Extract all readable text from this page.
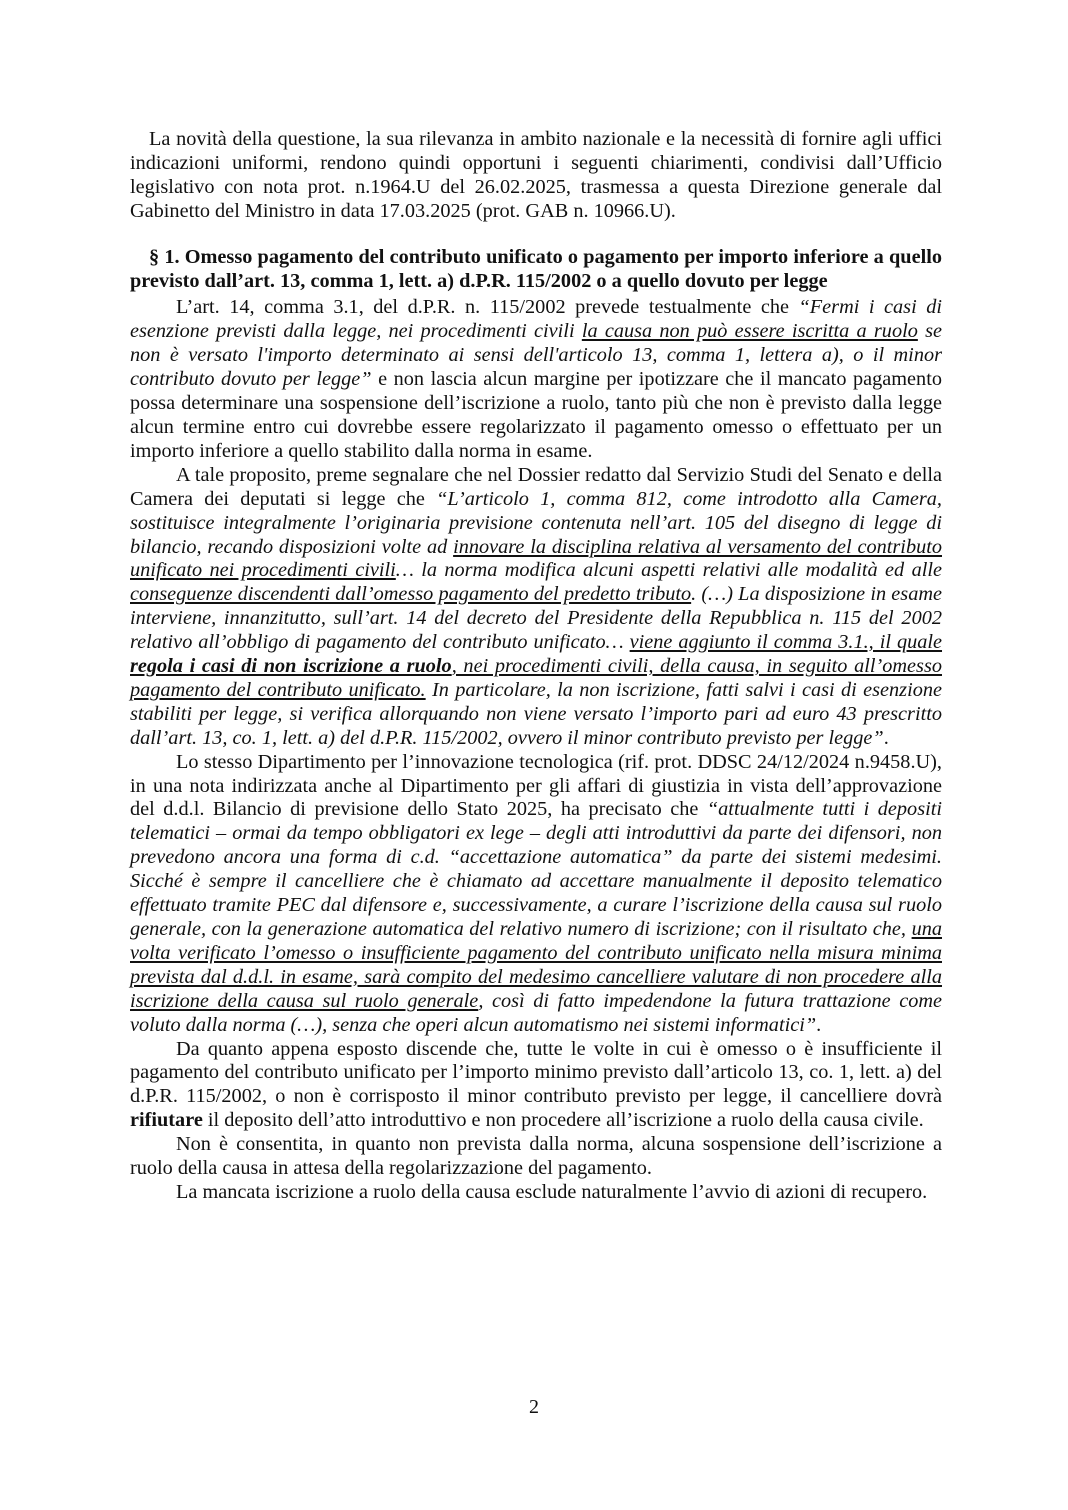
La novità della questione, la sua rilevanza in ambito nazionale e la necessità di fornire agli uffici indicazioni uniformi, rendono quindi opportuni i seguenti chiarimenti, condivisi dall’Ufficio legislativo con nota prot. n.1964.U del 26.02.2025, trasmessa a questa Direzione generale dal Gabinetto del Ministro in data 17.03.2025 (prot. GAB n. 10966.U).

§ 1. Omesso pagamento del contributo unificato o pagamento per importo inferiore a quello previsto dall’art. 13, comma 1, lett. a) d.P.R. 115/2002 o a quello dovuto per legge

L’art. 14, comma 3.1, del d.P.R. n. 115/2002 prevede testualmente che “Fermi i casi di esenzione previsti dalla legge, nei procedimenti civili la causa non può essere iscritta a ruolo se non è versato l'importo determinato ai sensi dell'articolo 13, comma 1, lettera a), o il minor contributo dovuto per legge” e non lascia alcun margine per ipotizzare che il mancato pagamento possa determinare una sospensione dell’iscrizione a ruolo, tanto più che non è previsto dalla legge alcun termine entro cui dovrebbe essere regolarizzato il pagamento omesso o effettuato per un importo inferiore a quello stabilito dalla norma in esame.

A tale proposito, preme segnalare che nel Dossier redatto dal Servizio Studi del Senato e della Camera dei deputati si legge che “L’articolo 1, comma 812, come introdotto alla Camera, sostituisce integralmente l’originaria previsione contenuta nell’art. 105 del disegno di legge di bilancio, recando disposizioni volte ad innovare la disciplina relativa al versamento del contributo unificato nei procedimenti civili… la norma modifica alcuni aspetti relativi alle modalità ed alle conseguenze discendenti dall’omesso pagamento del predetto tributo. (…) La disposizione in esame interviene, innanzitutto, sull’art. 14 del decreto del Presidente della Repubblica n. 115 del 2002 relativo all’obbligo di pagamento del contributo unificato… viene aggiunto il comma 3.1., il quale regola i casi di non iscrizione a ruolo, nei procedimenti civili, della causa, in seguito all’omesso pagamento del contributo unificato. In particolare, la non iscrizione, fatti salvi i casi di esenzione stabiliti per legge, si verifica allorquando non viene versato l’importo pari ad euro 43 prescritto dall’art. 13, co. 1, lett. a) del d.P.R. 115/2002, ovvero il minor contributo previsto per legge”.

Lo stesso Dipartimento per l’innovazione tecnologica (rif. prot. DDSC 24/12/2024 n.9458.U), in una nota indirizzata anche al Dipartimento per gli affari di giustizia in vista dell’approvazione del d.d.l. Bilancio di previsione dello Stato 2025, ha precisato che “attualmente tutti i depositi telematici – ormai da tempo obbligatori ex lege – degli atti introduttivi da parte dei difensori, non prevedono ancora una forma di c.d. “accettazione automatica” da parte dei sistemi medesimi. Sicché è sempre il cancelliere che è chiamato ad accettare manualmente il deposito telematico effettuato tramite PEC dal difensore e, successivamente, a curare l’iscrizione della causa sul ruolo generale, con la generazione automatica del relativo numero di iscrizione; con il risultato che, una volta verificato l’omesso o insufficiente pagamento del contributo unificato nella misura minima prevista dal d.d.l. in esame, sarà compito del medesimo cancelliere valutare di non procedere alla iscrizione della causa sul ruolo generale, così di fatto impedendone la futura trattazione come voluto dalla norma (…), senza che operi alcun automatismo nei sistemi informatici”.

Da quanto appena esposto discende che, tutte le volte in cui è omesso o è insufficiente il pagamento del contributo unificato per l’importo minimo previsto dall’articolo 13, co. 1, lett. a) del d.P.R. 115/2002, o non è corrisposto il minor contributo previsto per legge, il cancelliere dovrà rifiutare il deposito dell’atto introduttivo e non procedere all’iscrizione a ruolo della causa civile.

Non è consentita, in quanto non prevista dalla norma, alcuna sospensione dell’iscrizione a ruolo della causa in attesa della regolarizzazione del pagamento.

La mancata iscrizione a ruolo della causa esclude naturalmente l’avvio di azioni di recupero.

2
